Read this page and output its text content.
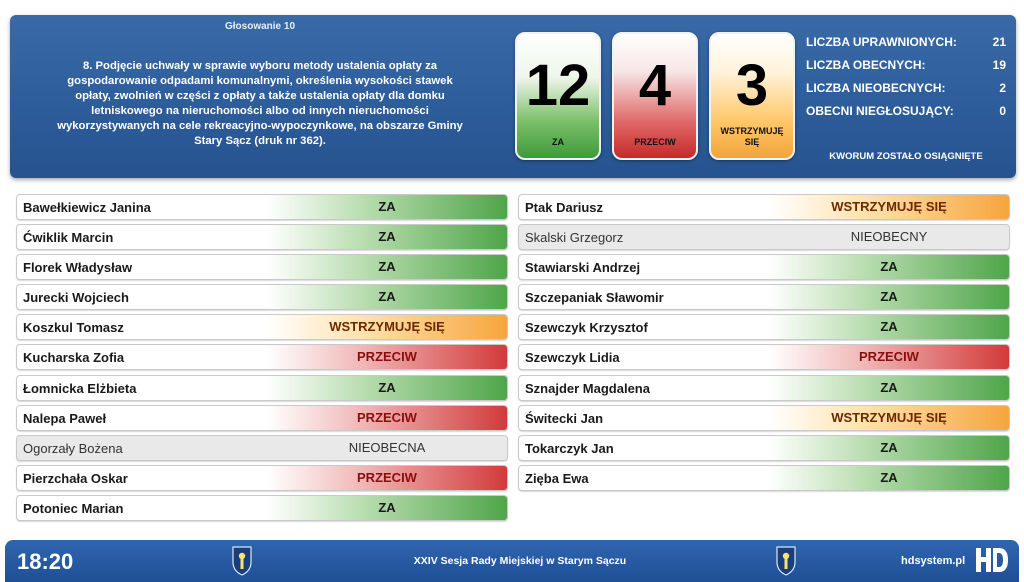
Głosowanie 10
8. Podjęcie uchwały w sprawie wyboru metody ustalenia opłaty za gospodarowanie odpadami komunalnymi, określenia wysokości stawek opłaty, zwolnień w części z opłaty a także ustalenia opłaty dla domku letniskowego na nieruchomości albo od innych nieruchomości wykorzystywanych na cele rekreacyjno-wypoczynkowe, na obszarze Gminy Stary Sącz (druk nr 362).
12
ZA
4
PRZECIW
3
WSTRZYMUJĘ SIĘ
LICZBA UPRAWNIONYCH:	21
LICZBA OBECNYCH:	19
LICZBA NIEOBECNYCH:	2
OBECNI NIEGŁOSUJĄCY:	0
KWORUM ZOSTAŁO OSIĄGNIĘTE
Bawełkiewicz Janina	ZA
Ćwiklik Marcin	ZA
Florek Władysław	ZA
Jurecki Wojciech	ZA
Koszkul Tomasz	WSTRZYMUJĘ SIĘ
Kucharska Zofia	PRZECIW
Łomnicka Elżbieta	ZA
Nalepa Paweł	PRZECIW
Ogorzały Bożena	NIEOBECNA
Pierzchała Oskar	PRZECIW
Potoniec Marian	ZA
Ptak Dariusz	WSTRZYMUJĘ SIĘ
Skalski Grzegorz	NIEOBECNY
Stawiarski Andrzej	ZA
Szczepaniak Sławomir	ZA
Szewczyk Krzysztof	ZA
Szewczyk Lidia	PRZECIW
Sznajder Magdalena	ZA
Świtecki Jan	WSTRZYMUJĘ SIĘ
Tokarczyk Jan	ZA
Zięba Ewa	ZA
18:20	XXIV Sesja Rady Miejskiej w Starym Sączu	hdsystem.pl
